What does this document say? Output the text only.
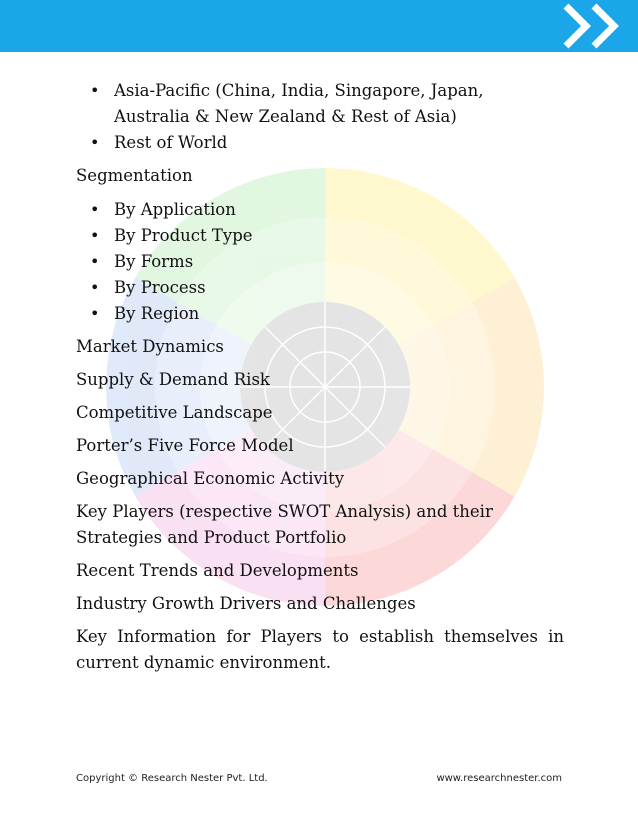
• Asia-Pacific (China, India, Singapore, Japan, Australia & New Zealand & Rest of Asia)
• Rest of World

Segmentation

• By Application
• By Product Type
• By Forms
• By Process
• By Region

Market Dynamics

Supply & Demand Risk

Competitive Landscape

Porter’s Five Force Model

Geographical Economic Activity

Key Players (respective SWOT Analysis) and their Strategies and Product Portfolio

Recent Trends and Developments

Industry Growth Drivers and Challenges

Key Information for Players to establish themselves in current dynamic environment.

Copyright © Research Nester Pvt. Ltd.	www.researchnester.com
